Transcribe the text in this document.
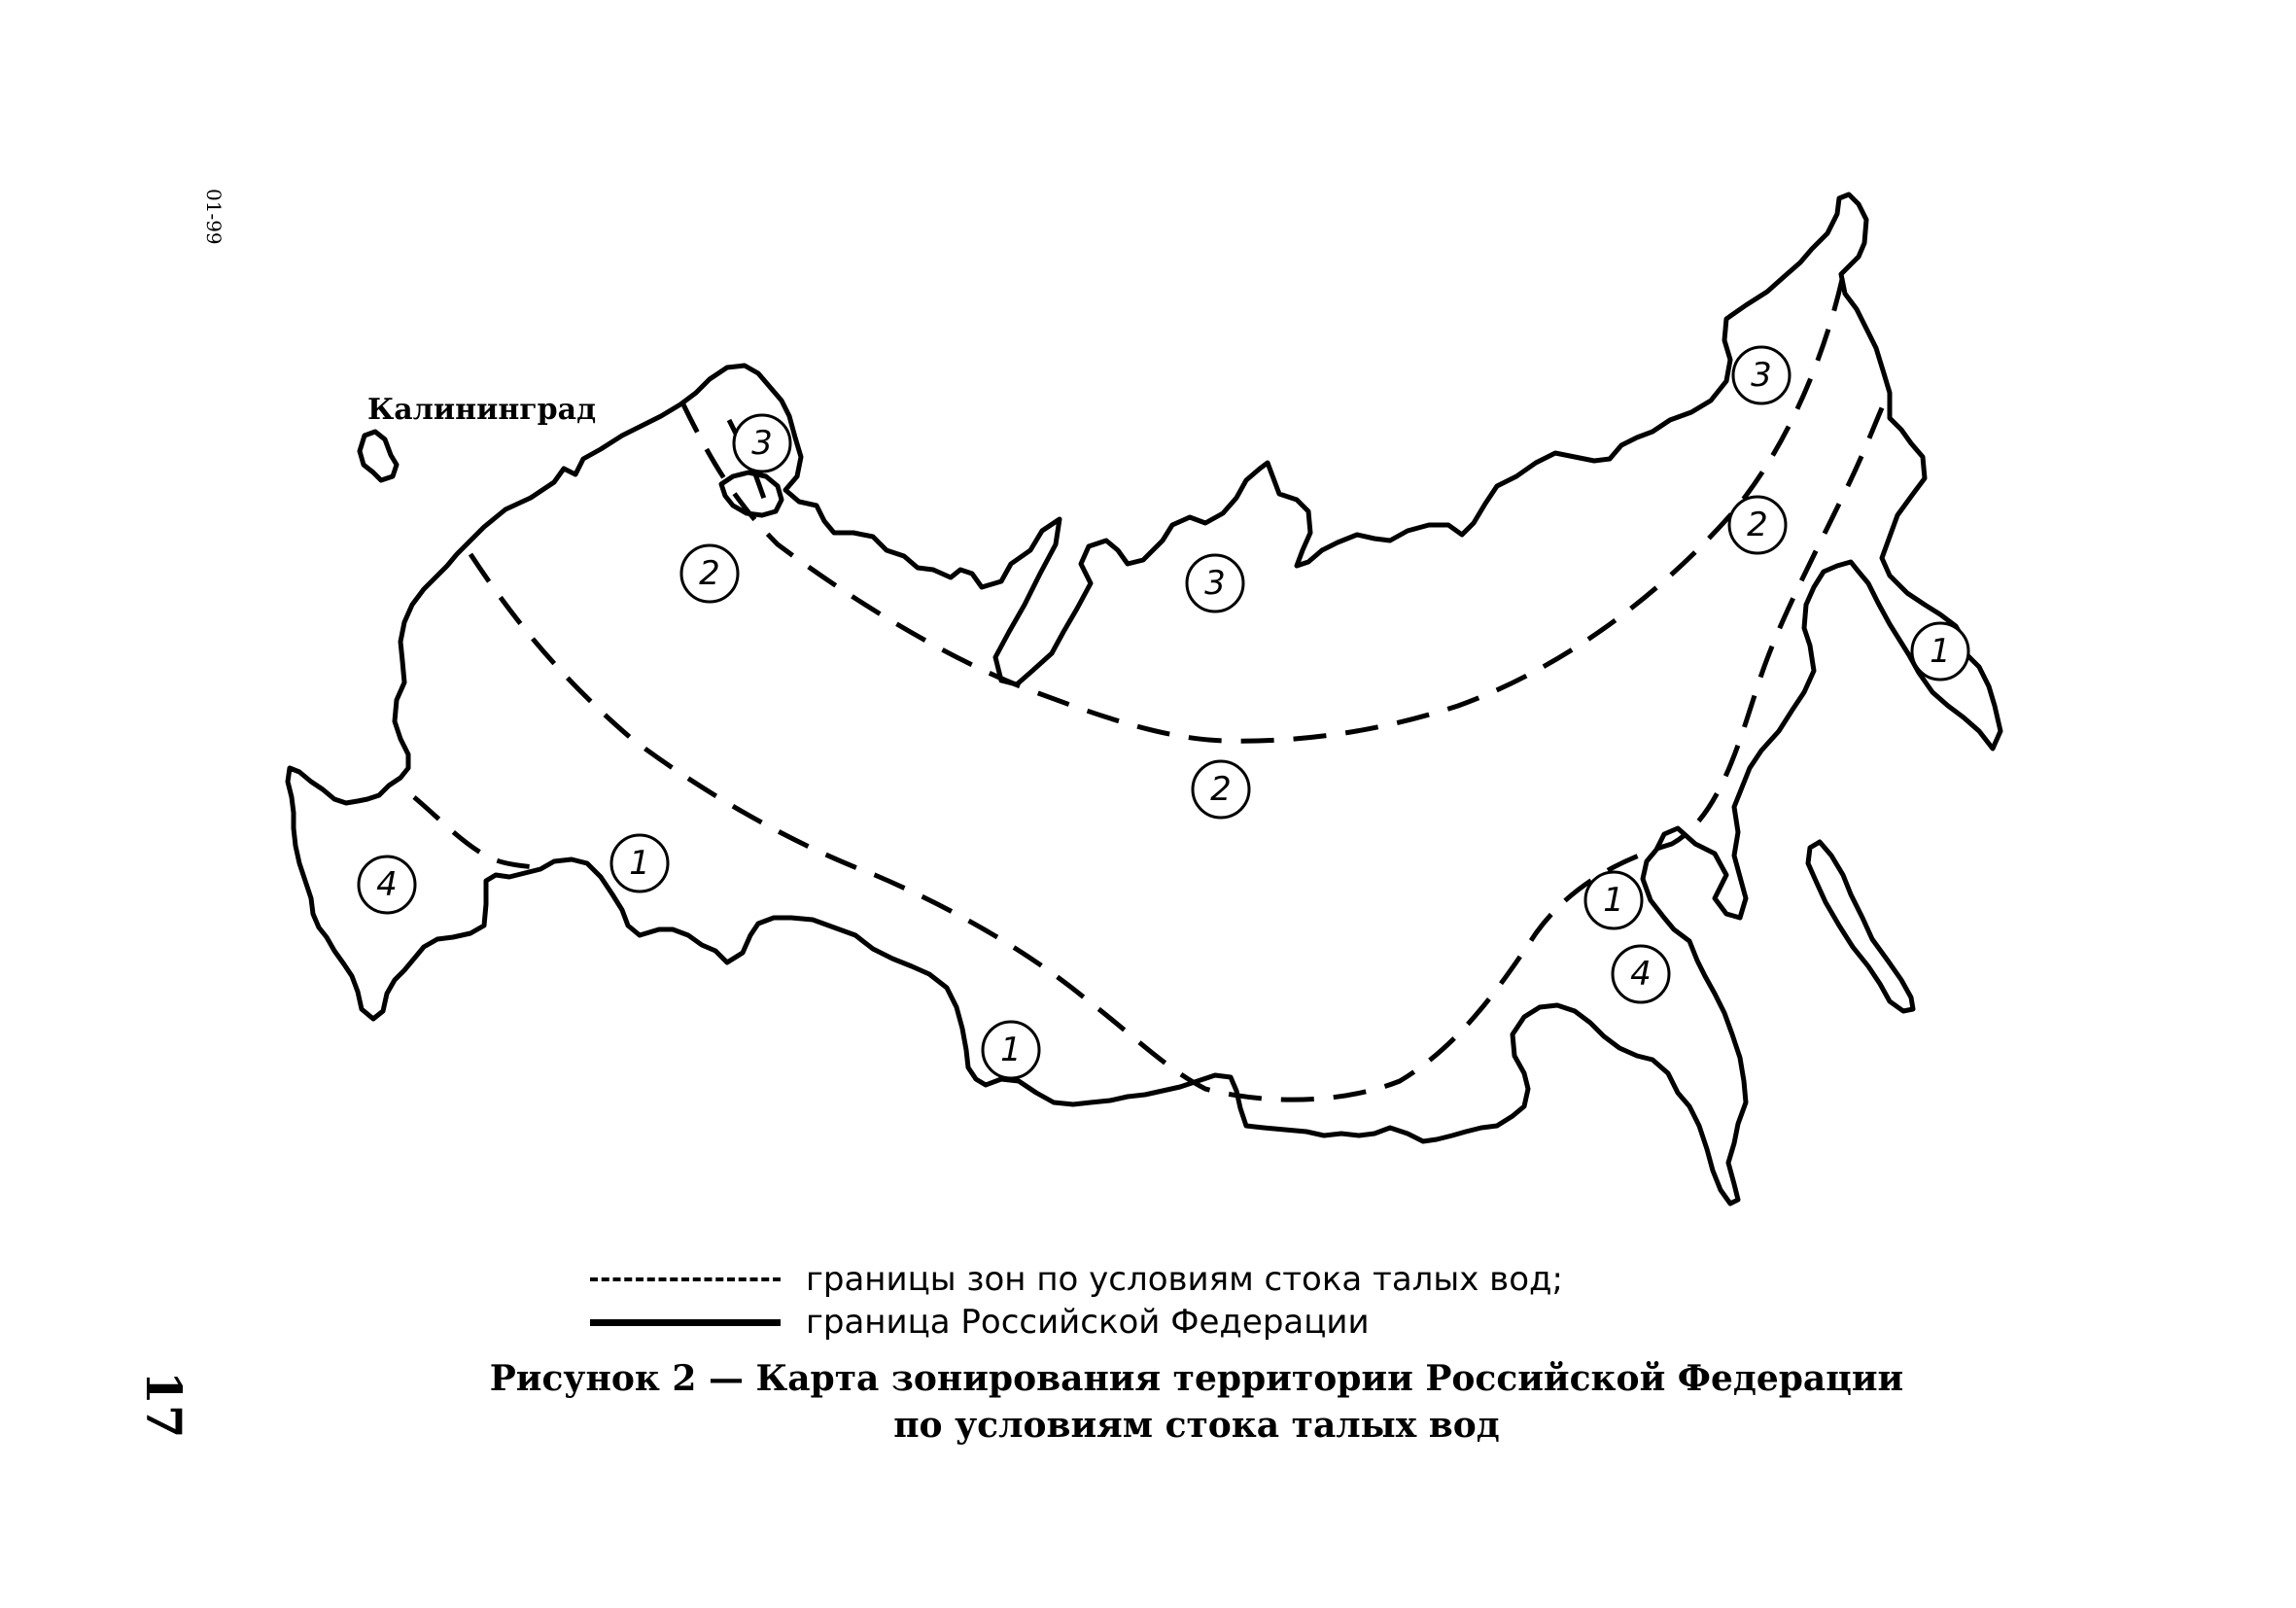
3
2	3
3
2
1
2
4
1
1
1
4
01-99
17
Калининград
границы зон по условиям стока талых вод;
граница Российской Федерации
Рисунок 2 — Карта зонирования территории Российской Федерации
по условиям стока талых вод
